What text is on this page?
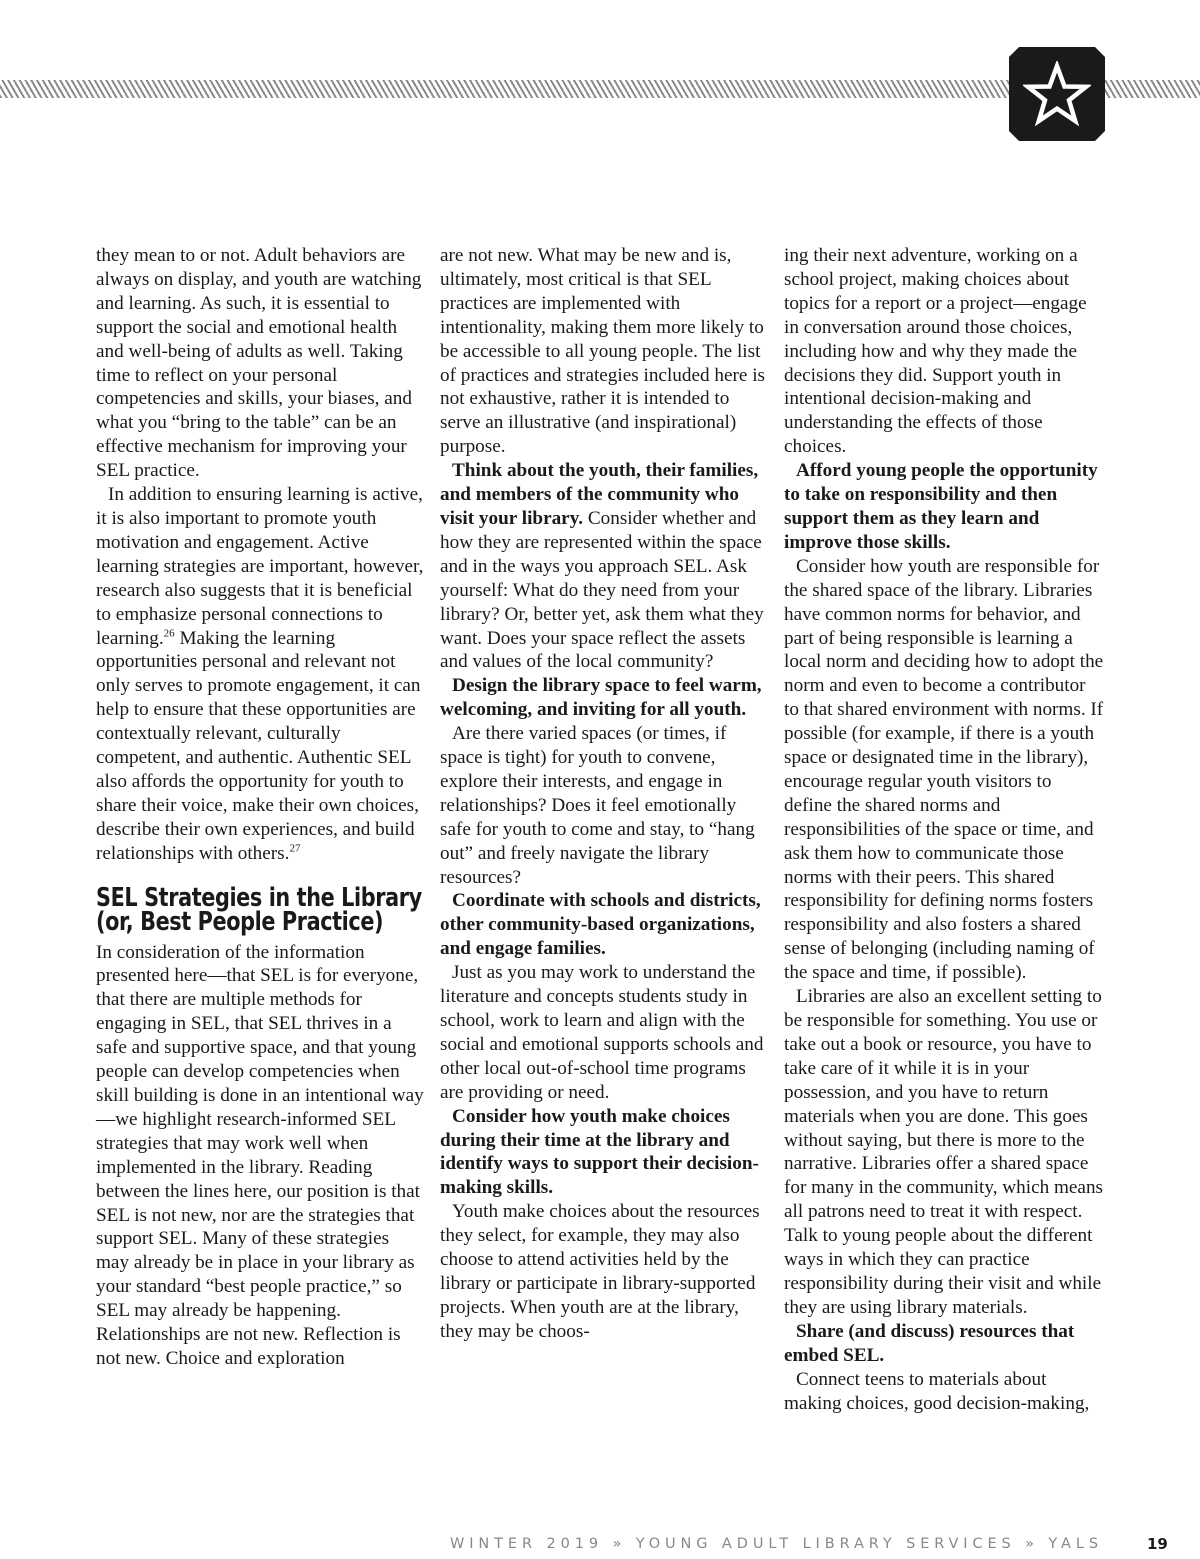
they mean to or not. Adult behaviors are always on display, and youth are watching and learning. As such, it is essential to support the social and emotional health and well-being of adults as well. Taking time to reflect on your personal competencies and skills, your biases, and what you “bring to the table” can be an effective mechanism for improving your SEL practice.

In addition to ensuring learning is active, it is also important to promote youth motivation and engagement. Active learning strategies are important, however, research also suggests that it is beneficial to emphasize personal connections to learning.$^{26}$ Making the learning opportunities personal and relevant not only serves to promote engagement, it can help to ensure that these opportunities are contextually relevant, culturally competent, and authentic. Authentic SEL also affords the opportunity for youth to share their voice, make their own choices, describe their own experiences, and build relationships with others.$^{27}$

SEL Strategies in the Library (or, Best People Practice)

In consideration of the information presented here—that SEL is for everyone, that there are multiple methods for engaging in SEL, that SEL thrives in a safe and supportive space, and that young people can develop competencies when skill building is done in an intentional way—we highlight research-informed SEL strategies that may work well when implemented in the library. Reading between the lines here, our position is that SEL is not new, nor are the strategies that support SEL. Many of these strategies may already be in place in your library as your standard “best people practice,” so SEL may already be happening. Relationships are not new. Reflection is not new. Choice and exploration

are not new. What may be new and is, ultimately, most critical is that SEL practices are implemented with intentionality, making them more likely to be accessible to all young people. The list of practices and strategies included here is not exhaustive, rather it is intended to serve an illustrative (and inspirational) purpose.

Think about the youth, their families, and members of the community who visit your library. Consider whether and how they are represented within the space and in the ways you approach SEL. Ask yourself: What do they need from your library? Or, better yet, ask them what they want. Does your space reflect the assets and values of the local community?

Design the library space to feel warm, welcoming, and inviting for all youth.

Are there varied spaces (or times, if space is tight) for youth to convene, explore their interests, and engage in relationships? Does it feel emotionally safe for youth to come and stay, to “hang out” and freely navigate the library resources?

Coordinate with schools and districts, other community-based organizations, and engage families.

Just as you may work to understand the literature and concepts students study in school, work to learn and align with the social and emotional supports schools and other local out-of-school time programs are providing or need.

Consider how youth make choices during their time at the library and identify ways to support their decision-making skills.

Youth make choices about the resources they select, for example, they may also choose to attend activities held by the library or participate in library-supported projects. When youth are at the library, they may be choos-

ing their next adventure, working on a school project, making choices about topics for a report or a project—engage in conversation around those choices, including how and why they made the decisions they did. Support youth in intentional decision-making and understanding the effects of those choices.

Afford young people the opportunity to take on responsibility and then support them as they learn and improve those skills.

Consider how youth are responsible for the shared space of the library. Libraries have common norms for behavior, and part of being responsible is learning a local norm and deciding how to adopt the norm and even to become a contributor to that shared environment with norms. If possible (for example, if there is a youth space or designated time in the library), encourage regular youth visitors to define the shared norms and responsibilities of the space or time, and ask them how to communicate those norms with their peers. This shared responsibility for defining norms fosters responsibility and also fosters a shared sense of belonging (including naming of the space and time, if possible).

Libraries are also an excellent setting to be responsible for something. You use or take out a book or resource, you have to take care of it while it is in your possession, and you have to return materials when you are done. This goes without saying, but there is more to the narrative. Libraries offer a shared space for many in the community, which means all patrons need to treat it with respect. Talk to young people about the different ways in which they can practice responsibility during their visit and while they are using library materials.

Share (and discuss) resources that embed SEL.

Connect teens to materials about making choices, good decision-making,

WINTER 2019 » YOUNG ADULT LIBRARY SERVICES » YALS	19
